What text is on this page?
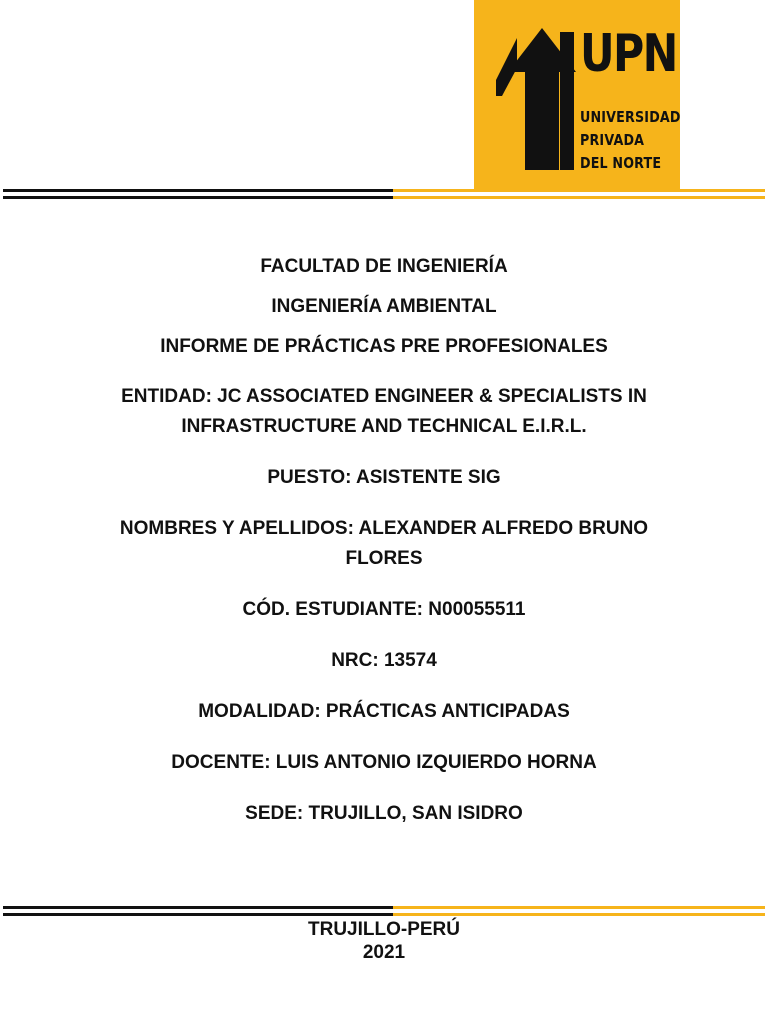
UPN
UNIVERSIDAD
PRIVADA
DEL NORTE

FACULTAD DE INGENIERÍA

INGENIERÍA AMBIENTAL

INFORME DE PRÁCTICAS PRE PROFESIONALES

ENTIDAD: JC ASSOCIATED ENGINEER & SPECIALISTS IN

INFRASTRUCTURE AND TECHNICAL E.I.R.L.

PUESTO: ASISTENTE SIG

NOMBRES Y APELLIDOS: ALEXANDER ALFREDO BRUNO

FLORES

CÓD. ESTUDIANTE: N00055511

NRC: 13574

MODALIDAD: PRÁCTICAS ANTICIPADAS

DOCENTE: LUIS ANTONIO IZQUIERDO HORNA

SEDE: TRUJILLO, SAN ISIDRO

TRUJILLO-PERÚ

2021
